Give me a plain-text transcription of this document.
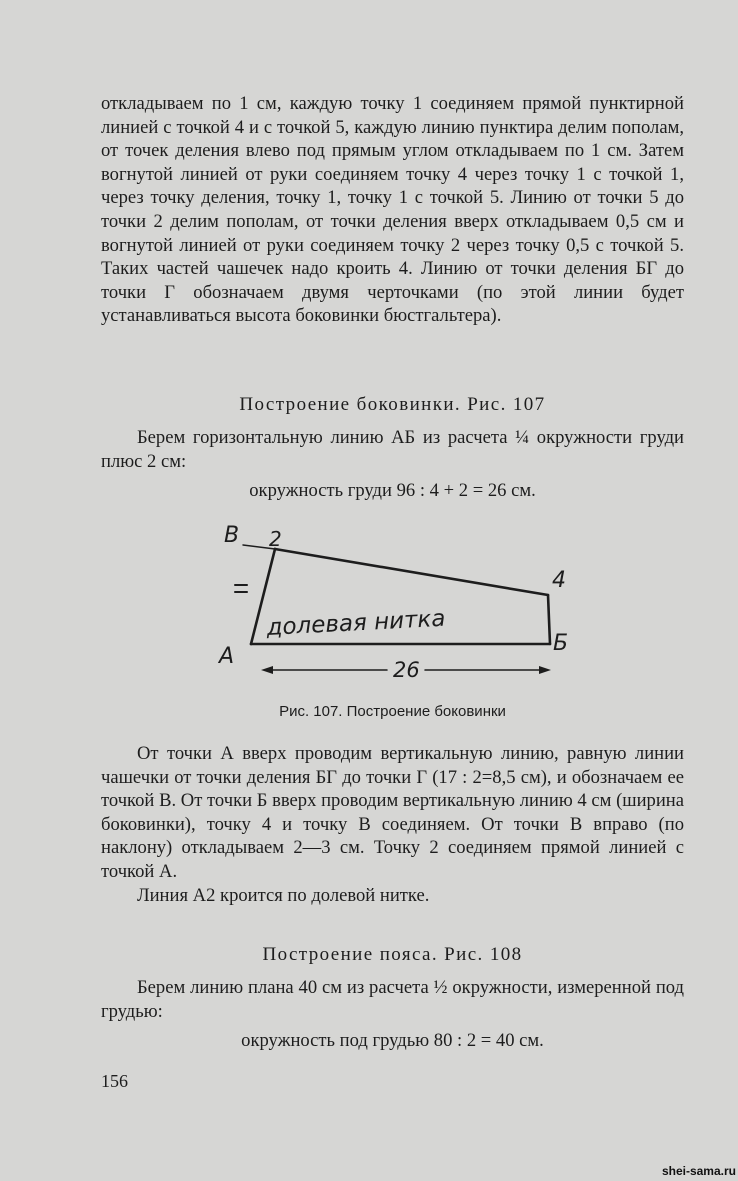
откладываем по 1 см, каждую точку 1 соединяем прямой пунктирной линией с точкой 4 и с точкой 5, каждую линию пунктира делим пополам, от точек деления влево под прямым углом откладываем по 1 см. Затем вогнутой линией от руки соединяем точку 4 через точку 1 с точкой 1, через точку деления, точку 1, точку 1 с точкой 5. Линию от точки 5 до точки 2 делим пополам, от точки деления вверх откладываем 0,5 см и вогнутой линией от руки соединяем точку 2 через точку 0,5 с точкой 5. Таких частей чашечек надо кроить 4. Линию от точки деления БГ до точки Г обозначаем двумя черточками (по этой линии будет устанавливаться высота боковинки бюстгальтера).

Построение боковинки. Рис. 107

Берем горизонтальную линию АБ из расчета ¼ окружности груди плюс 2 см:

окружность груди 96 : 4 + 2 = 26 см.
В 2
4
А
Б
долевая нитка
26
Рис. 107. Построение боковинки

От точки А вверх проводим вертикальную линию, равную линии чашечки от точки деления БГ до точки Г (17 : 2=8,5 см), и обозначаем ее точкой В. От точки Б вверх проводим вертикальную линию 4 см (ширина боковинки), точку 4 и точку В соединяем. От точки В вправо (по наклону) откладываем 2—3 см. Точку 2 соединяем прямой линией с точкой А.

Линия А2 кроится по долевой нитке.

Построение пояса. Рис. 108

Берем линию плана 40 см из расчета ½ окружности, измеренной под грудью:

окружность под грудью 80 : 2 = 40 см.
156
shei-sama.ru
